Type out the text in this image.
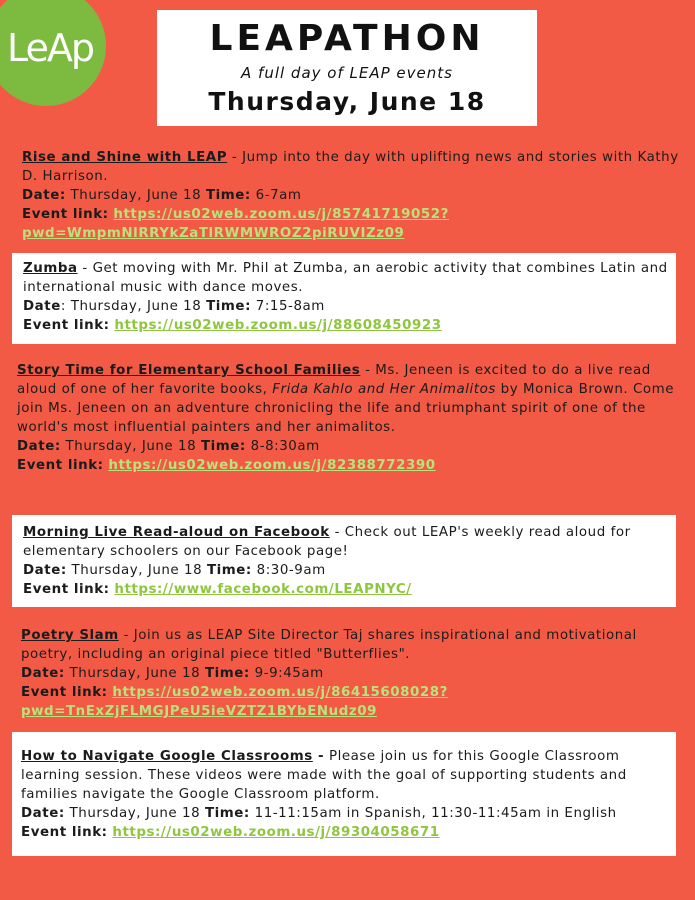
LeAp	LEAPATHON
A full day of LEAP events
Thursday, June 18
Rise and Shine with LEAP - Jump into the day with uplifting news and stories with Kathy D. Harrison.
Date: Thursday, June 18 Time: 6-7am
Event link: https://us02web.zoom.us/j/85741719052?
pwd=WmpmNlRRYkZaTlRWMWROZ2piRUVIZz09
Zumba - Get moving with Mr. Phil at Zumba, an aerobic activity that combines Latin and international music with dance moves.
Date: Thursday, June 18 Time: 7:15-8am
Event link: https://us02web.zoom.us/j/88608450923
Story Time for Elementary School Families - Ms. Jeneen is excited to do a live read aloud of one of her favorite books, Frida Kahlo and Her Animalitos by Monica Brown. Come join Ms. Jeneen on an adventure chronicling the life and triumphant spirit of one of the world's most influential painters and her animalitos.
Date: Thursday, June 18 Time: 8-8:30am
Event link: https://us02web.zoom.us/j/82388772390
Morning Live Read-aloud on Facebook - Check out LEAP's weekly read aloud for elementary schoolers on our Facebook page!
Date: Thursday, June 18 Time: 8:30-9am
Event link: https://www.facebook.com/LEAPNYC/
Poetry Slam - Join us as LEAP Site Director Taj shares inspirational and motivational poetry, including an original piece titled "Butterflies".
Date: Thursday, June 18 Time: 9-9:45am
Event link: https://us02web.zoom.us/j/86415608028?
pwd=TnExZjFLMGJPeU5ieVZTZ1BYbENudz09
How to Navigate Google Classrooms - Please join us for this Google Classroom learning session. These videos were made with the goal of supporting students and families navigate the Google Classroom platform.
Date: Thursday, June 18 Time: 11-11:15am in Spanish, 11:30-11:45am in English
Event link: https://us02web.zoom.us/j/89304058671
